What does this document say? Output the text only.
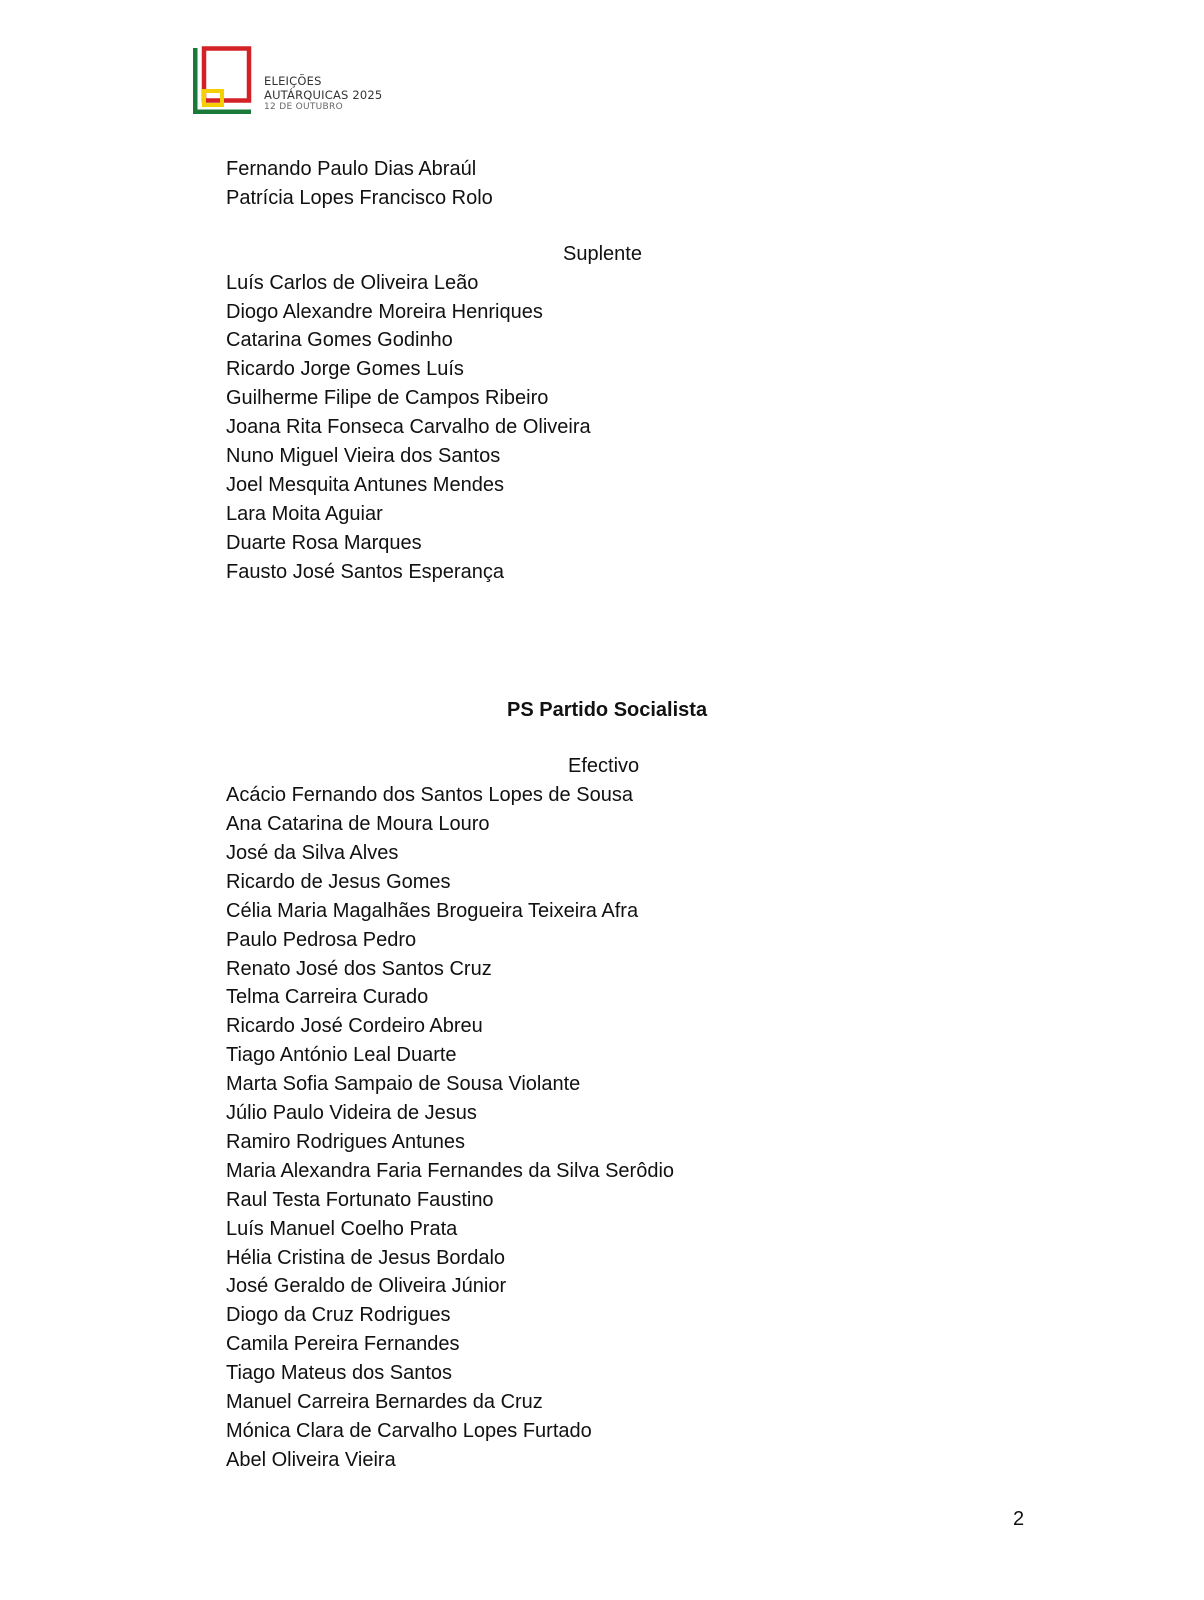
ELEIÇÕES
AUTÁRQUICAS 2025
12 DE OUTUBRO
Fernando Paulo Dias Abraúl
Patrícia Lopes Francisco Rolo
Suplente
Luís Carlos de Oliveira Leão
Diogo Alexandre Moreira Henriques
Catarina Gomes Godinho
Ricardo Jorge Gomes Luís
Guilherme Filipe de Campos Ribeiro
Joana Rita Fonseca Carvalho de Oliveira
Nuno Miguel Vieira dos Santos
Joel Mesquita Antunes Mendes
Lara Moita Aguiar
Duarte Rosa Marques
Fausto José Santos Esperança
PS Partido Socialista
Efectivo
Acácio Fernando dos Santos Lopes de Sousa
Ana Catarina de Moura Louro
José da Silva Alves
Ricardo de Jesus Gomes
Célia Maria Magalhães Brogueira Teixeira Afra
Paulo Pedrosa Pedro
Renato José dos Santos Cruz
Telma Carreira Curado
Ricardo José Cordeiro Abreu
Tiago António Leal Duarte
Marta Sofia Sampaio de Sousa Violante
Júlio Paulo Videira de Jesus
Ramiro Rodrigues Antunes
Maria Alexandra Faria Fernandes da Silva Serôdio
Raul Testa Fortunato Faustino
Luís Manuel Coelho Prata
Hélia Cristina de Jesus Bordalo
José Geraldo de Oliveira Júnior
Diogo da Cruz Rodrigues
Camila Pereira Fernandes
Tiago Mateus dos Santos
Manuel Carreira Bernardes da Cruz
Mónica Clara de Carvalho Lopes Furtado
Abel Oliveira Vieira
2
